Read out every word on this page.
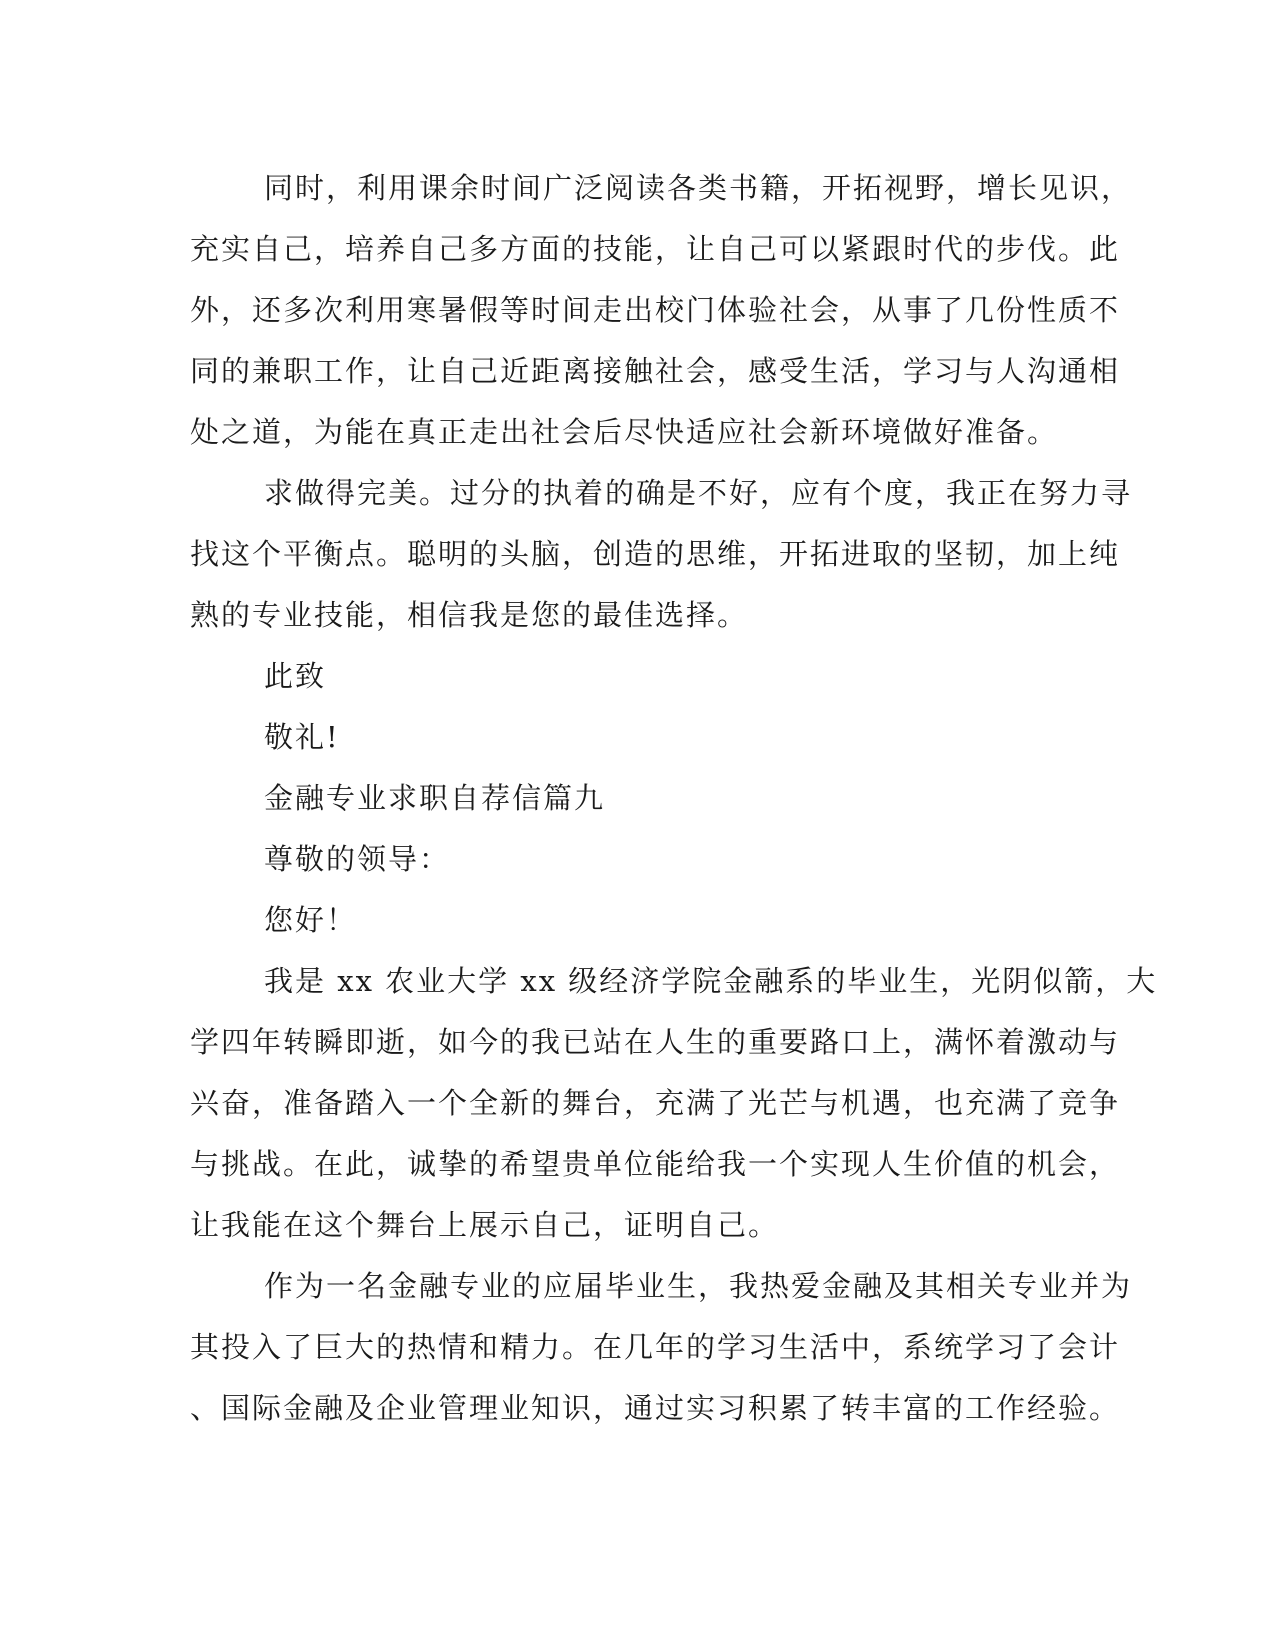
同时，利用课余时间广泛阅读各类书籍，开拓视野，增长见识，
充实自己，培养自己多方面的技能，让自己可以紧跟时代的步伐。此
外，还多次利用寒暑假等时间走出校门体验社会，从事了几份性质不
同的兼职工作，让自己近距离接触社会，感受生活，学习与人沟通相
处之道，为能在真正走出社会后尽快适应社会新环境做好准备。
求做得完美。过分的执着的确是不好，应有个度，我正在努力寻
找这个平衡点。聪明的头脑，创造的思维，开拓进取的坚韧，加上纯
熟的专业技能，相信我是您的最佳选择。
此致
敬礼!
金融专业求职自荐信篇九
尊敬的领导：
您好！
我是 xx 农业大学 xx 级经济学院金融系的毕业生，光阴似箭，大
学四年转瞬即逝，如今的我已站在人生的重要路口上，满怀着激动与
兴奋，准备踏入一个全新的舞台，充满了光芒与机遇，也充满了竞争
与挑战。在此，诚挚的希望贵单位能给我一个实现人生价值的机会，
让我能在这个舞台上展示自己，证明自己。
作为一名金融专业的应届毕业生，我热爱金融及其相关专业并为
其投入了巨大的热情和精力。在几年的学习生活中，系统学习了会计
、国际金融及企业管理业知识，通过实习积累了转丰富的工作经验。
